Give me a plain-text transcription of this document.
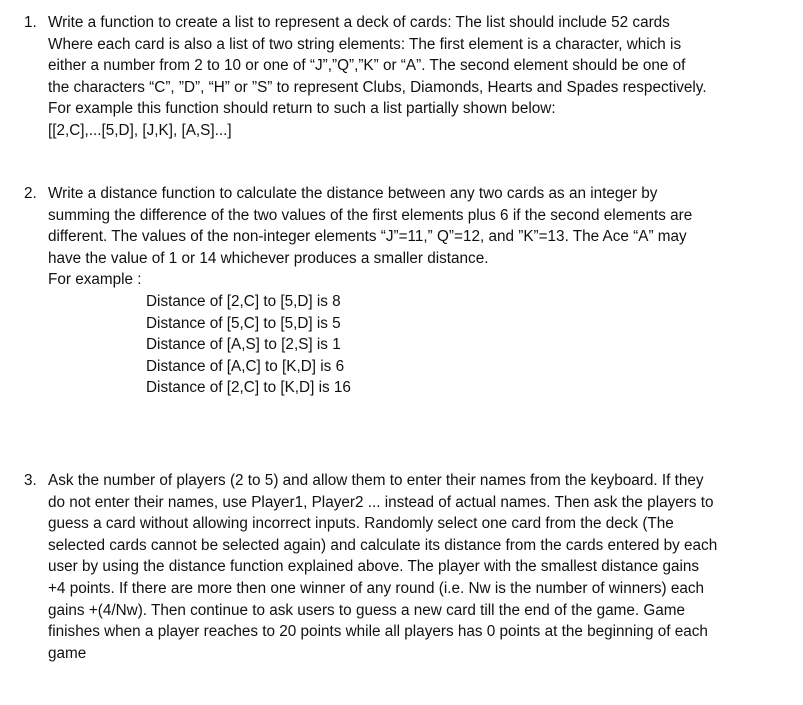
1. Write a function to create a list to represent a deck of cards: The list should include 52 cards
Where each card is also a list of two string elements: The first element is a character, which is
either a number from 2 to 10 or one of “J”,”Q”,”K” or “A”. The second element should be one of
the characters “C”, ”D”, “H” or ”S” to represent Clubs, Diamonds, Hearts and Spades respectively.
For example this function should return to such a list partially shown below:
[[2,C],...[5,D], [J,K], [A,S]...]
2. Write a distance function to calculate the distance between any two cards as an integer by
summing the difference of the two values of the first elements plus 6 if the second elements are
different. The values of the non-integer elements “J”=11,” Q”=12, and ”K”=13. The Ace “A” may
have the value of 1 or 14 whichever produces a smaller distance.
For example :
Distance of [2,C] to [5,D] is 8
Distance of [5,C] to [5,D] is 5
Distance of [A,S] to [2,S] is 1
Distance of [A,C] to [K,D] is 6
Distance of [2,C] to [K,D] is 16
3. Ask the number of players (2 to 5) and allow them to enter their names from the keyboard. If they
do not enter their names, use Player1, Player2 ... instead of actual names. Then ask the players to
guess a card without allowing incorrect inputs. Randomly select one card from the deck (The
selected cards cannot be selected again) and calculate its distance from the cards entered by each
user by using the distance function explained above. The player with the smallest distance gains
+4 points. If there are more then one winner of any round (i.e. Nw is the number of winners) each
gains +(4/Nw). Then continue to ask users to guess a new card till the end of the game. Game
finishes when a player reaches to 20 points while all players has 0 points at the beginning of each
game
